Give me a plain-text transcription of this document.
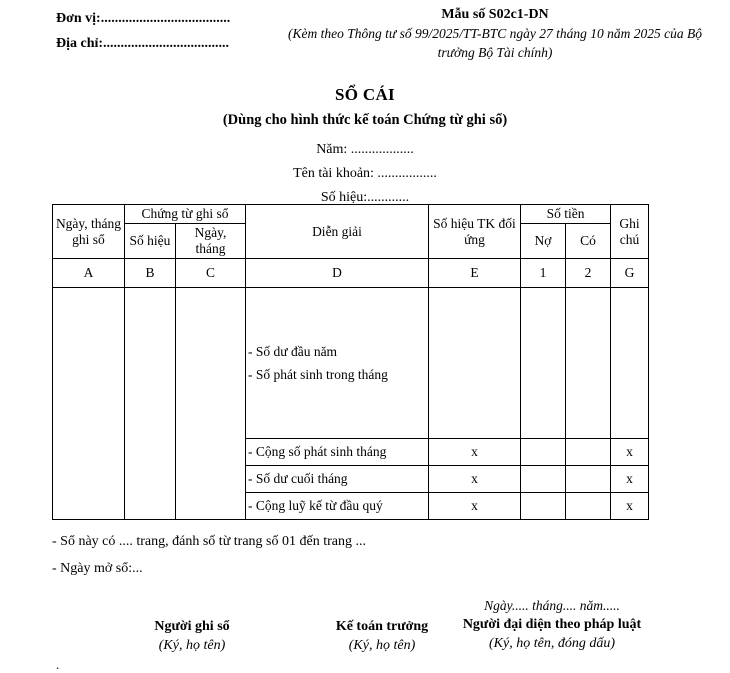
Đơn vị:.....................................
Địa chỉ:....................................
Mẫu số S02c1-DN
(Kèm theo Thông tư số 99/2025/TT-BTC ngày 27 tháng 10 năm 2025 của Bộ trưởng Bộ Tài chính)
SỔ CÁI
(Dùng cho hình thức kế toán Chứng từ ghi sổ)
Năm: ..................
Tên tài khoản: .................
Số hiệu:............
Ngày, tháng ghi sổ	Chứng từ ghi sổ		Diễn giải	Số hiệu TK đối ứng	Số tiền		Ghi chú
	Số hiệu	Ngày, tháng			Nợ	Có	
A	B	C	D	E	1	2	G

			- Số dư đầu năm
- Số phát sinh trong tháng				

			- Cộng số phát sinh tháng	x			x
			- Số dư cuối tháng	x			x
			- Cộng luỹ kế từ đầu quý	x			x
- Sổ này có .... trang, đánh số từ trang số 01 đến trang ...
- Ngày mở sổ:...
Người ghi sổ
(Ký, họ tên)
Kế toán trưởng
(Ký, họ tên)
Ngày..... tháng.... năm.....
Người đại diện theo pháp luật
(Ký, họ tên, đóng dấu)
.
